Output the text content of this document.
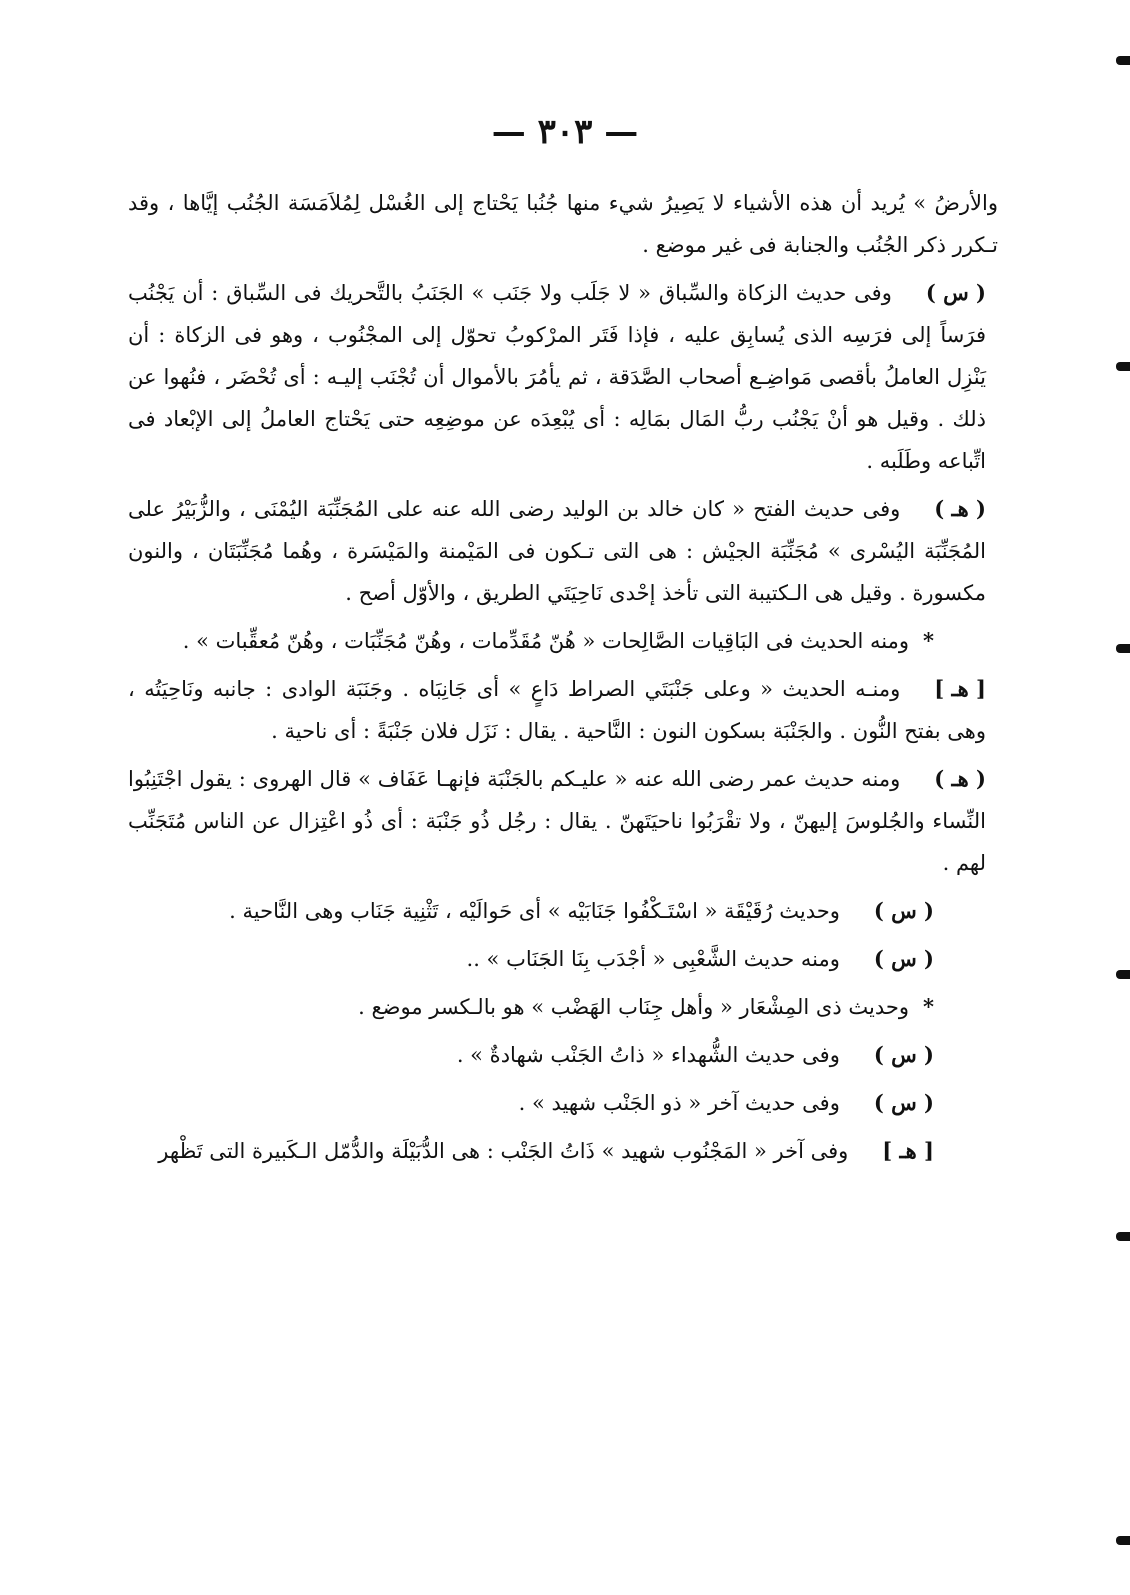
— ٣٠٣ —

والأرضُ » يُريد أن هذه الأشياء لا يَصِيرُ شيء منها جُنُبا يَحْتاج إلى الغُسْل لِمُلاَمَسَة الجُنُب إيَّاها ، وقد تـكرر ذكر الجُنُب والجنابة فى غير موضع .

( س )وفى حديث الزكاة والسِّباق « لا جَلَب ولا جَنَب » الجَنَبُ بالتَّحريك فى السِّباق : أن يَجْنُب فرَساً إلى فرَسِه الذى يُسابِق عليه ، فإذا فَتَر المرْكوبُ تحوّل إلى المجْنُوب ، وهو فى الزكاة : أن يَنْزِل العاملُ بأقصى مَواضِـع أصحاب الصَّدَقة ، ثم يأمُرَ بالأموال أن تُجْنَب إليـه : أى تُحْضَر ، فنُهوا عن ذلك . وقيل هو أنْ يَجْنُب ربُّ المَال بمَالِه : أى يُبْعِدَه عن موضِعِه حتى يَحْتاج العاملُ إلى الإبْعاد فى اتِّباعه وطَلَبه .

( هـ )وفى حديث الفتح « كان خالد بن الوليد رضى الله عنه على المُجَنِّبَة اليُمْنَى ، والزُّبَيْرُ على المُجَنِّبَة اليُسْرى » مُجَنِّبَة الجيْش : هى التى تـكون فى المَيْمنة والمَيْسَرة ، وهُما مُجَنِّبَتَان ، والنون مكسورة . وقيل هى الـكتيبة التى تأخذ إحْدى نَاحِيَتَي الطريق ، والأوّل أصح .

*ومنه الحديث فى البَاقِيات الصَّالِحات « هُنّ مُقَدِّمات ، وهُنّ مُجَنِّبَات ، وهُنّ مُعقِّبات » .

[ هـ ]ومنـه الحديث « وعلى جَنْبَتَي الصراط دَاعٍ » أى جَانِبَاه . وجَنَبَة الوادى : جانبه ونَاحِيَتُه ، وهى بفتح النُّون . والجَنْبَة بسكون النون : النَّاحية . يقال : نَزَل فلان جَنْبَةً : أى ناحية .

( هـ )ومنه حديث عمر رضى الله عنه « عليـكم بالجَنْبَة فإنهـا عَفَاف » قال الهروى : يقول اجْتَنِبُوا النِّساء والجُلوسَ إليهنّ ، ولا تقْرَبُوا ناحيَتَهنّ . يقال : رجُل ذُو جَنْبَة : أى ذُو اعْتِزال عن الناس مُتَجَنِّب لهم .

( س )وحديث رُقَيْقَة « اسْتَـكْفُوا جَنَابَيْه » أى حَوالَيْه ، تَثْنِية جَنَاب وهى النَّاحية .

( س )ومنه حديث الشَّعْبِى « أجْدَب بِنَا الجَنَاب » ..

*وحديث ذى المِشْعَار « وأهل جِنَاب الهَضْب » هو بالـكسر موضع .

( س )وفى حديث الشُّهداء « ذاتُ الجَنْب شهادةٌ » .

( س )وفى حديث آخر « ذو الجَنْب شهيد » .

[ هـ ]وفى آخر « المَجْنُوب شهيد » ذَاتُ الجَنْب : هى الدُّبَيْلَة والدُّمّل الـكَبيرة التى تَظْهر
